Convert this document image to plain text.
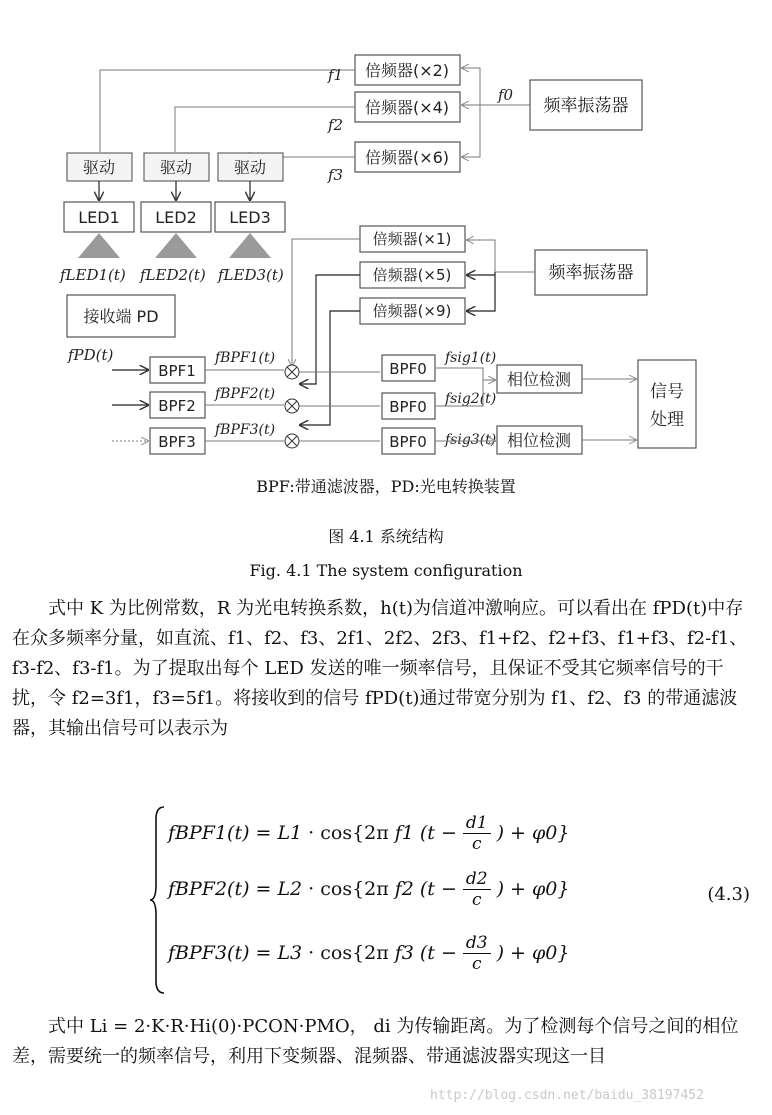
倍频器(×2)
倍频器(×4)
倍频器(×6)
频率振荡器
f0
f1
f2
f3
驱动	驱动	驱动
LED1 LED2 LED3
fLED1(t) fLED2(t) fLED3(t)
接收端 PD
倍频器(×1)
倍频器(×5)
倍频器(×9)
频率振荡器
fPD(t)
BPF1
BPF2
BPF3
fBPF1(t)
fBPF2(t)
fBPF3(t)
BPF0
BPF0
BPF0
fsig1(t)
fsig2(t)
fsig3(t)
相位检测
相位检测
信号
处理
BPF:带通滤波器，PD:光电转换装置
图 4.1 系统结构
Fig. 4.1 The system configuration

式中 K 为比例常数，R 为光电转换系数，h(t)为信道冲激响应。可以看出在 fPD(t)中存在众多频率分量，如直流、f1、f2、f3、2f1、2f2、2f3、f1+f2、f2+f3、f1+f3、f2-f1、f3-f2、f3-f1。为了提取出每个 LED 发送的唯一频率信号，且保证不受其它频率信号的干扰，令 f2=3f1，f3=5f1。将接收到的信号 fPD(t)通过带宽分别为 f1、f2、f3 的带通滤波器，其输出信号可以表示为

fBPF1(t) = L1 · cos{2π f1 ($t - \frac{d1}{c}$ ) + φ0}
fBPF2(t) = L2 · cos{2π f2 ($t - \frac{d2}{c}$ ) + φ0}
fBPF3(t) = L3 · cos{2π f3 ($t - \frac{d3}{c}$ ) + φ0}
(4.3)

式中 Li = 2·K·R·Hi(0)·PCON·PMO， di 为传输距离。为了检测每个信号之间的相位差，需要统一的频率信号，利用下变频器、混频器、带通滤波器实现这一目

http://blog.csdn.net/baidu_38197452
